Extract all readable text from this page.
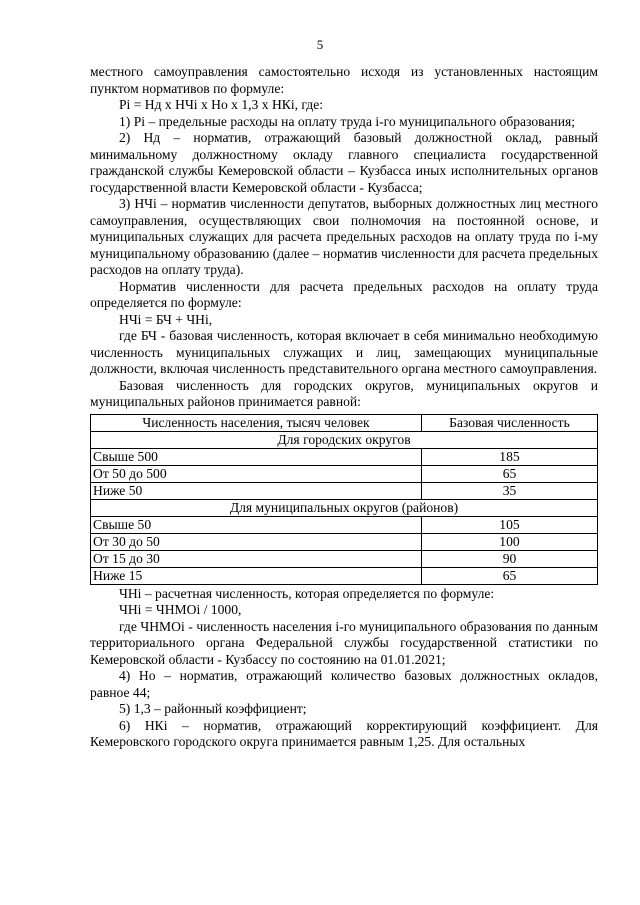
5

местного самоуправления самостоятельно исходя из установленных настоящим пунктом нормативов по формуле:

Pi = Нд x НЧi x Но x 1,3 x НКi, где:

1) Pi – предельные расходы на оплату труда i-го муниципального образования;

2) Нд – норматив, отражающий базовый должностной оклад, равный минимальному должностному окладу главного специалиста государственной гражданской службы Кемеровской области – Кузбасса иных исполнительных органов государственной власти Кемеровской области - Кузбасса;

3) НЧi – норматив численности депутатов, выборных должностных лиц местного самоуправления, осуществляющих свои полномочия на постоянной основе, и муниципальных служащих для расчета предельных расходов на оплату труда по i-му муниципальному образованию (далее – норматив численности для расчета предельных расходов на оплату труда).

Норматив численности для расчета предельных расходов на оплату труда определяется по формуле:

НЧi = БЧ + ЧНi,

где БЧ - базовая численность, которая включает в себя минимально необходимую численность муниципальных служащих и лиц, замещающих муниципальные должности, включая численность представительного органа местного самоуправления.

Базовая численность для городских округов, муниципальных округов и муниципальных районов принимается равной:

Численность населения, тысяч человек	Базовая численность
Для городских округов	
Свыше 500	185
От 50 до 500	65
Ниже 50	35
Для муниципальных округов (районов)	
Свыше 50	105
От 30 до 50	100
От 15 до 30	90
Ниже 15	65

ЧНi – расчетная численность, которая определяется по формуле:

ЧНi = ЧНМОi / 1000,

где ЧНМОi - численность населения i-го муниципального образования по данным территориального органа Федеральной службы государственной статистики по Кемеровской области - Кузбассу по состоянию на 01.01.2021;

4) Но – норматив, отражающий количество базовых должностных окладов, равное 44;

5) 1,3 – районный коэффициент;

6) НКi – норматив, отражающий корректирующий коэффициент. Для Кемеровского городского округа принимается равным 1,25. Для остальных
